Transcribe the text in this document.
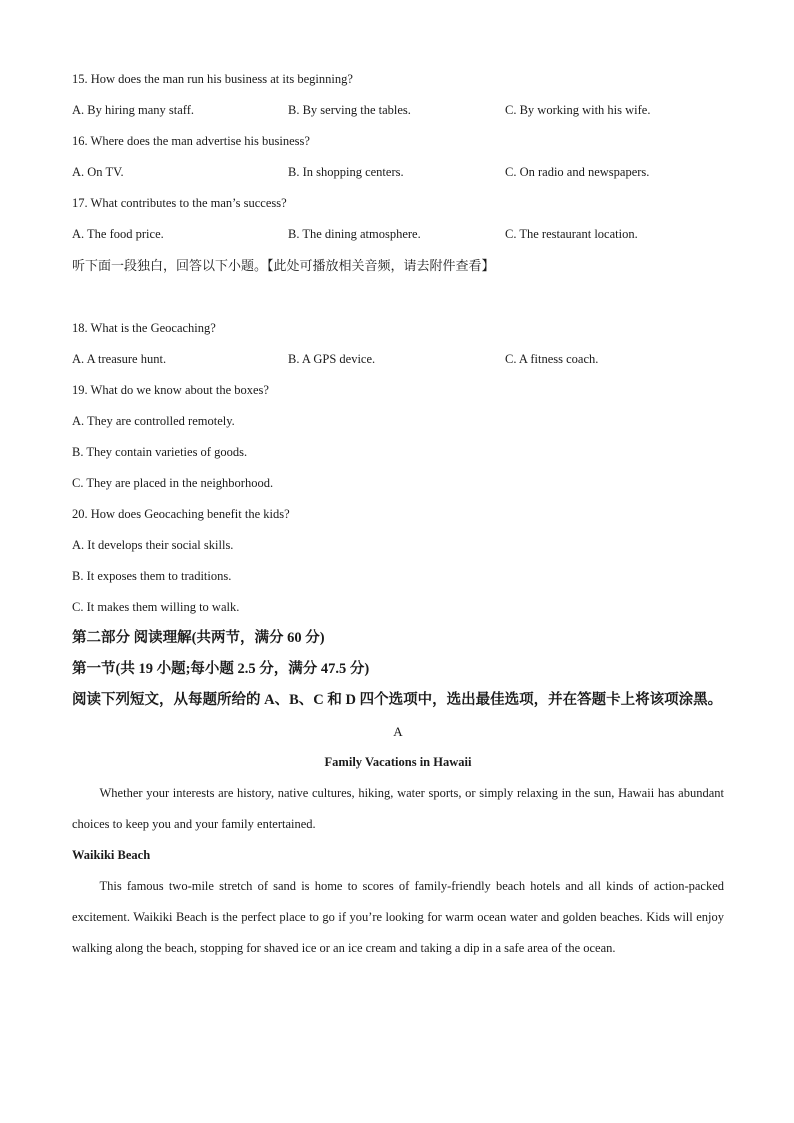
15. How does the man run his business at its beginning?
A. By hiring many staff.	B. By serving the tables.	C. By working with his wife.
16. Where does the man advertise his business?
A. On TV.	B. In shopping centers.	C. On radio and newspapers.
17. What contributes to the man’s success?
A. The food price.	B. The dining atmosphere.	C. The restaurant location.
听下面一段独白，回答以下小题。【此处可播放相关音频，请去附件查看】
18. What is the Geocaching?
A. A treasure hunt.	B. A GPS device.	C. A fitness coach.
19. What do we know about the boxes?
A. They are controlled remotely.
B. They contain varieties of goods.
C. They are placed in the neighborhood.
20. How does Geocaching benefit the kids?
A. It develops their social skills.
B. It exposes them to traditions.
C. It makes them willing to walk.
第二部分 阅读理解(共两节，满分 60 分)
第一节(共 19 小题;每小题 2.5 分，满分 47.5 分)
阅读下列短文，从每题所给的 A、B、C 和 D 四个选项中，选出最佳选项，并在答题卡上将该项涂黑。
A
Family Vacations in Hawaii
Whether your interests are history, native cultures, hiking, water sports, or simply relaxing in the sun, Hawaii has abundant choices to keep you and your family entertained.
Waikiki Beach
This famous two-mile stretch of sand is home to scores of family-friendly beach hotels and all kinds of action-packed excitement. Waikiki Beach is the perfect place to go if you’re looking for warm ocean water and golden beaches. Kids will enjoy walking along the beach, stopping for shaved ice or an ice cream and taking a dip in a safe area of the ocean.
